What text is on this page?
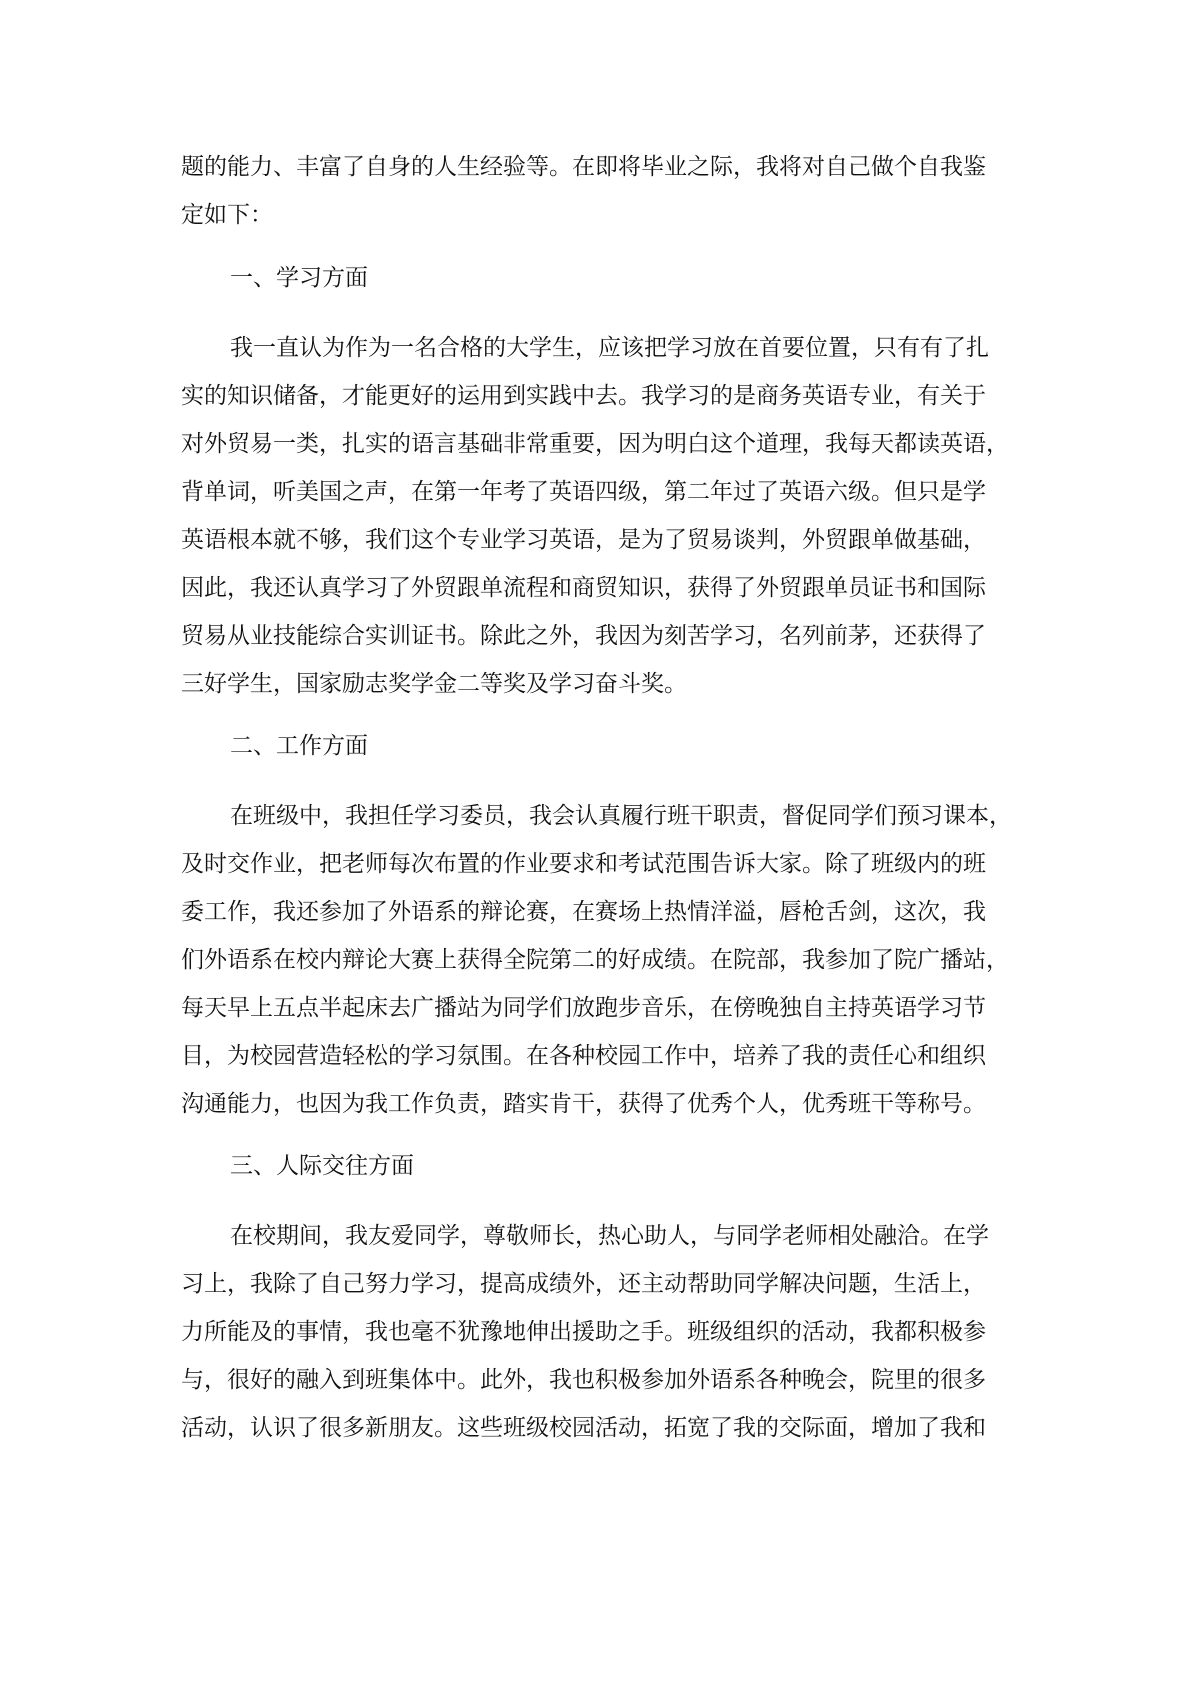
题的能力、丰富了自身的人生经验等。在即将毕业之际，我将对自己做个自我鉴

定如下：

一、学习方面

我一直认为作为一名合格的大学生，应该把学习放在首要位置，只有有了扎

实的知识储备，才能更好的运用到实践中去。我学习的是商务英语专业，有关于

对外贸易一类，扎实的语言基础非常重要，因为明白这个道理，我每天都读英语，

背单词，听美国之声，在第一年考了英语四级，第二年过了英语六级。但只是学

英语根本就不够，我们这个专业学习英语，是为了贸易谈判，外贸跟单做基础，

因此，我还认真学习了外贸跟单流程和商贸知识，获得了外贸跟单员证书和国际

贸易从业技能综合实训证书。除此之外，我因为刻苦学习，名列前茅，还获得了

三好学生，国家励志奖学金二等奖及学习奋斗奖。

二、工作方面

在班级中，我担任学习委员，我会认真履行班干职责，督促同学们预习课本，

及时交作业，把老师每次布置的作业要求和考试范围告诉大家。除了班级内的班

委工作，我还参加了外语系的辩论赛，在赛场上热情洋溢，唇枪舌剑，这次，我

们外语系在校内辩论大赛上获得全院第二的好成绩。在院部，我参加了院广播站，

每天早上五点半起床去广播站为同学们放跑步音乐，在傍晚独自主持英语学习节

目，为校园营造轻松的学习氛围。在各种校园工作中，培养了我的责任心和组织

沟通能力，也因为我工作负责，踏实肯干，获得了优秀个人，优秀班干等称号。

三、人际交往方面

在校期间，我友爱同学，尊敬师长，热心助人，与同学老师相处融洽。在学

习上，我除了自己努力学习，提高成绩外，还主动帮助同学解决问题，生活上，

力所能及的事情，我也毫不犹豫地伸出援助之手。班级组织的活动，我都积极参

与，很好的融入到班集体中。此外，我也积极参加外语系各种晚会，院里的很多

活动，认识了很多新朋友。这些班级校园活动，拓宽了我的交际面，增加了我和
